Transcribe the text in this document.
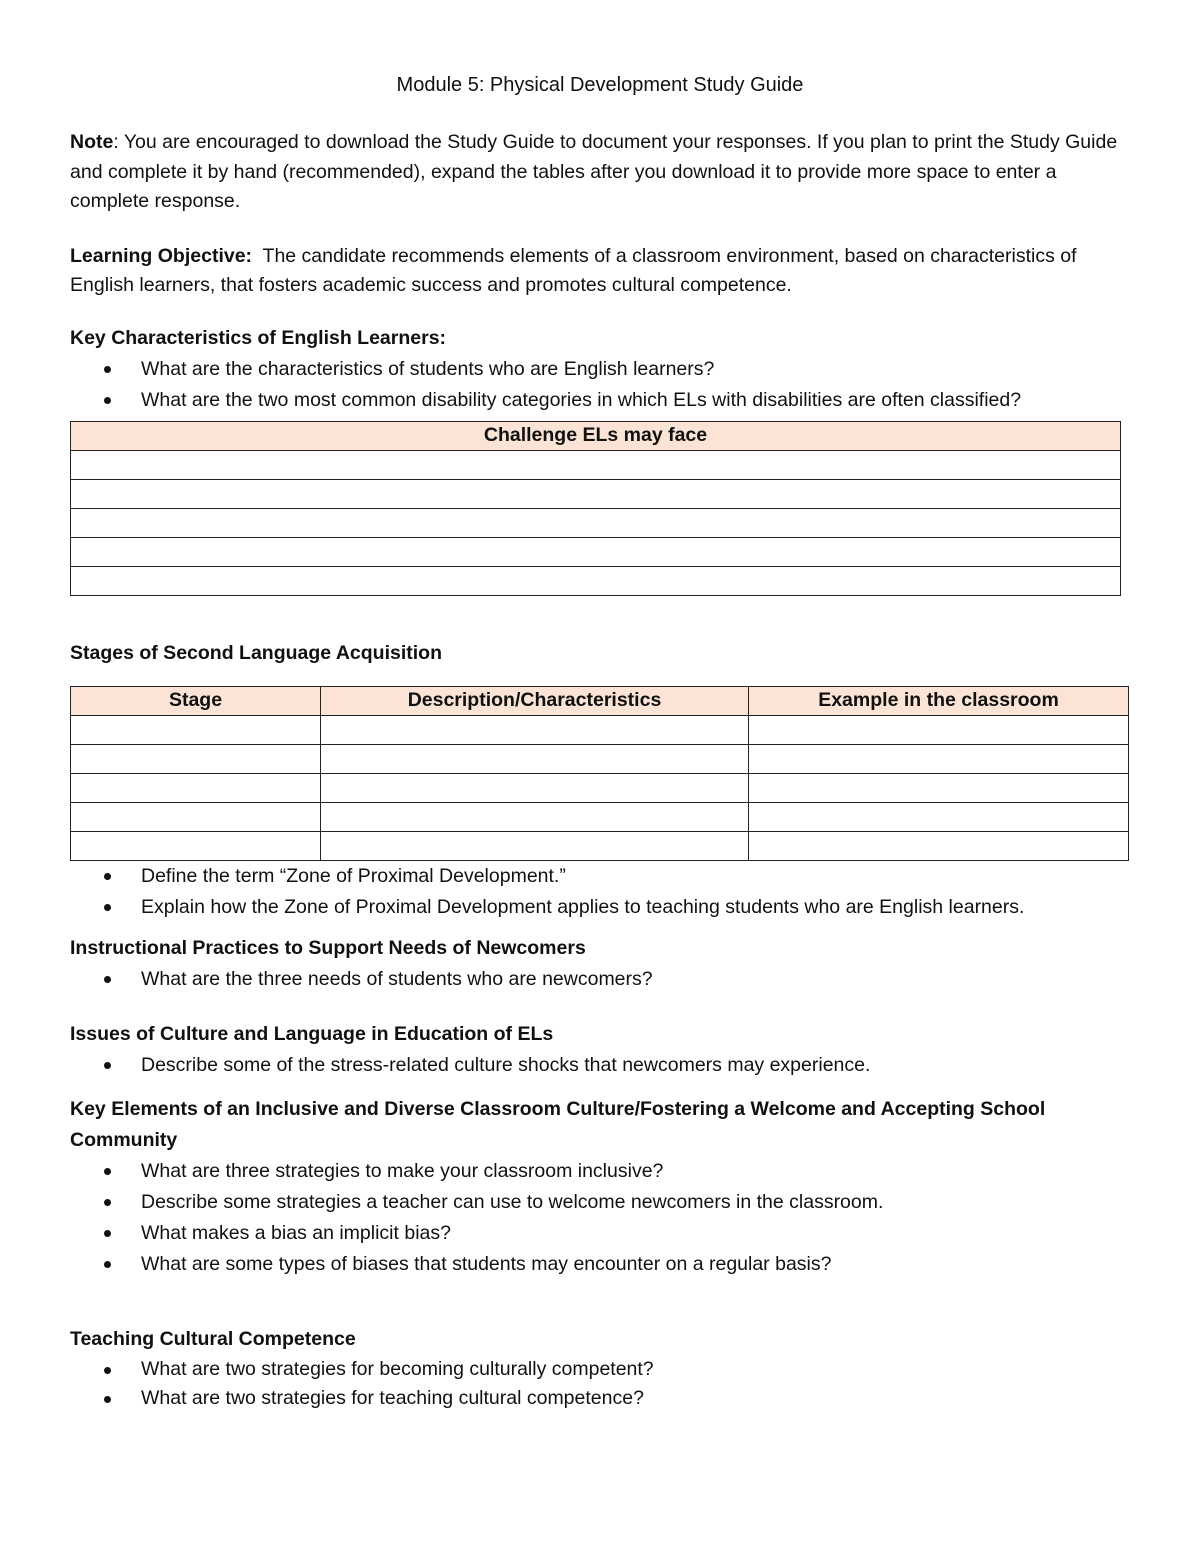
Module 5: Physical Development Study Guide

Note: You are encouraged to download the Study Guide to document your responses. If you plan to print the Study Guide and complete it by hand (recommended), expand the tables after you download it to provide more space to enter a complete response.

Learning Objective:  The candidate recommends elements of a classroom environment, based on characteristics of English learners, that fosters academic success and promotes cultural competence.

Key Characteristics of English Learners:

What are the characteristics of students who are English learners?
What are the two most common disability categories in which ELs with disabilities are often classified?
Challenge ELs may face

Stages of Second Language Acquisition

Stage	Description/Characteristics	Example in the classroom

Define the term “Zone of Proximal Development.”
Explain how the Zone of Proximal Development applies to teaching students who are English learners.

Instructional Practices to Support Needs of Newcomers

What are the three needs of students who are newcomers?

Issues of Culture and Language in Education of ELs

Describe some of the stress-related culture shocks that newcomers may experience.

Key Elements of an Inclusive and Diverse Classroom Culture/Fostering a Welcome and Accepting School Community

What are three strategies to make your classroom inclusive?
Describe some strategies a teacher can use to welcome newcomers in the classroom.
What makes a bias an implicit bias?
What are some types of biases that students may encounter on a regular basis?

Teaching Cultural Competence

What are two strategies for becoming culturally competent?
What are two strategies for teaching cultural competence?
